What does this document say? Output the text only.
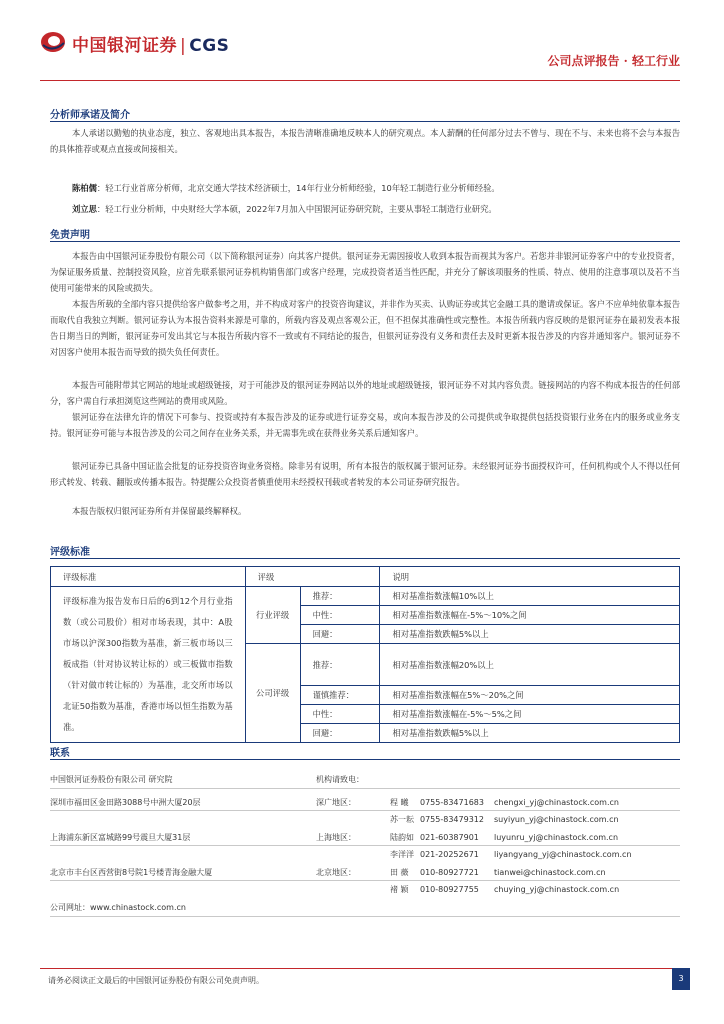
中国银河证券 | CGS
公司点评报告 · 轻工行业
分析师承诺及简介
本人承诺以勤勉的执业态度，独立、客观地出具本报告，本报告清晰准确地反映本人的研究观点。本人薪酬的任何部分过去不曾与、现在不与、未来也将不会与本报告的具体推荐或观点直接或间接相关。
陈柏儒：轻工行业首席分析师，北京交通大学技术经济硕士，14年行业分析师经验，10年轻工制造行业分析师经验。
刘立思：轻工行业分析师，中央财经大学本硕，2022年7月加入中国银河证券研究院，主要从事轻工制造行业研究。
免责声明
本报告由中国银河证券股份有限公司（以下简称银河证券）向其客户提供。银河证券无需因接收人收到本报告而视其为客户。若您并非银河证券客户中的专业投资者，为保证服务质量、控制投资风险，应首先联系银河证券机构销售部门或客户经理，完成投资者适当性匹配，并充分了解该项服务的性质、特点、使用的注意事项以及若不当使用可能带来的风险或损失。
本报告所载的全部内容只提供给客户做参考之用，并不构成对客户的投资咨询建议，并非作为买卖、认购证券或其它金融工具的邀请或保证。客户不应单纯依靠本报告而取代自我独立判断。银河证券认为本报告资料来源是可靠的，所载内容及观点客观公正，但不担保其准确性或完整性。本报告所载内容反映的是银河证券在最初发表本报告日期当日的判断，银河证券可发出其它与本报告所载内容不一致或有不同结论的报告，但银河证券没有义务和责任去及时更新本报告涉及的内容并通知客户。银河证券不对因客户使用本报告而导致的损失负任何责任。
本报告可能附带其它网站的地址或超级链接，对于可能涉及的银河证券网站以外的地址或超级链接，银河证券不对其内容负责。链接网站的内容不构成本报告的任何部分，客户需自行承担浏览这些网站的费用或风险。
银河证券在法律允许的情况下可参与、投资或持有本报告涉及的证券或进行证券交易，或向本报告涉及的公司提供或争取提供包括投资银行业务在内的服务或业务支持。银河证券可能与本报告涉及的公司之间存在业务关系，并无需事先或在获得业务关系后通知客户。
银河证券已具备中国证监会批复的证券投资咨询业务资格。除非另有说明，所有本报告的版权属于银河证券。未经银河证券书面授权许可，任何机构或个人不得以任何形式转发、转载、翻版或传播本报告。特提醒公众投资者慎重使用未经授权刊载或者转发的本公司证券研究报告。
本报告版权归银河证券所有并保留最终解释权。
评级标准
评级标准	评级		说明
评级标准为报告发布日后的6到12个月行业指数（或公司股价）相对市场表现，其中：A股市场以沪深300指数为基准，新三板市场以三板成指（针对协议转让标的）或三板做市指数（针对做市转让标的）为基准，北交所市场以北证50指数为基准，香港市场以恒生指数为基准。	行业评级	推荐：	相对基准指数涨幅10%以上
		中性：	相对基准指数涨幅在-5%～10%之间
		回避：	相对基准指数跌幅5%以上
	公司评级	推荐：	相对基准指数涨幅20%以上
		谨慎推荐：	相对基准指数涨幅在5%～20%之间
		中性：	相对基准指数涨幅在-5%～5%之间
		回避：	相对基准指数跌幅5%以上
联系
中国银河证券股份有限公司 研究院	机构请致电：
深圳市福田区金田路3088号中洲大厦20层	深广地区：	程 曦 0755-83471683 chengxi_yj@chinastock.com.cn
苏一耘 0755-83479312 suyiyun_yj@chinastock.com.cn
上海浦东新区富城路99号震旦大厦31层	上海地区：	陆韵如 021-60387901 luyunru_yj@chinastock.com.cn
李洋洋 021-20252671 liyangyang_yj@chinastock.com.cn
北京市丰台区西营街8号院1号楼青海金融大厦	北京地区：	田 薇 010-80927721 tianwei@chinastock.com.cn
褚 颖 010-80927755 chuying_yj@chinastock.com.cn
公司网址：www.chinastock.com.cn
请务必阅读正文最后的中国银河证券股份有限公司免责声明。	3
